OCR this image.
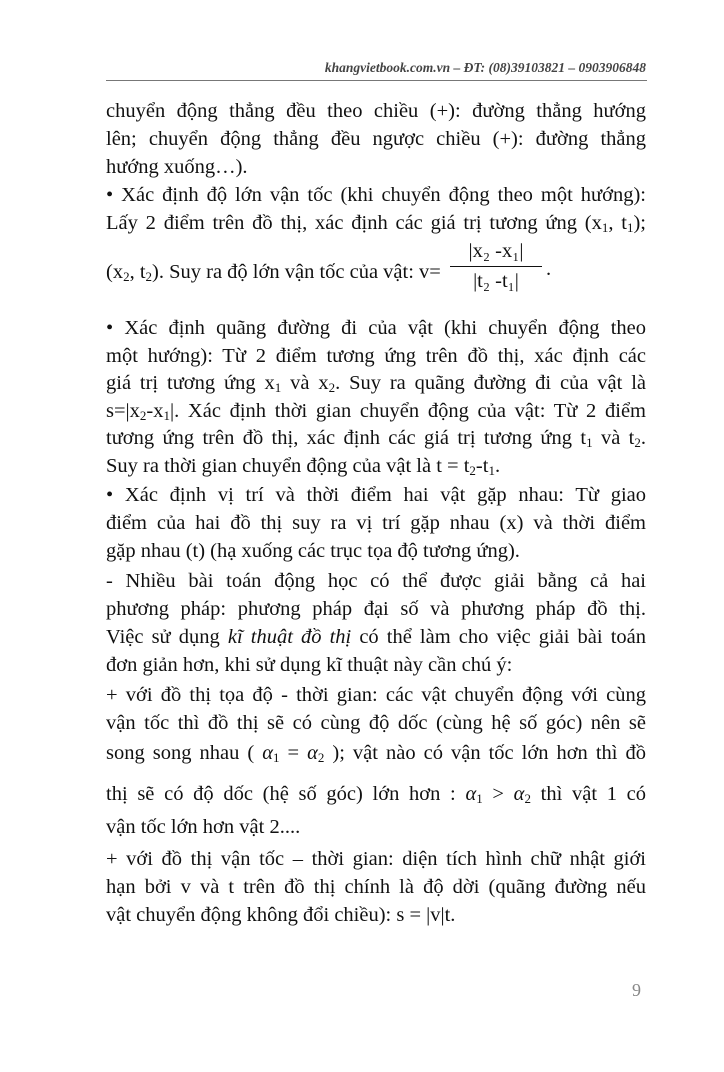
khangvietbook.com.vn – ĐT: (08)39103821 – 0903906848
chuyển động thẳng đều theo chiều (+): đường thẳng hướng
lên; chuyển động thẳng đều ngược chiều (+): đường thẳng
hướng xuống…).
• Xác định độ lớn vận tốc (khi chuyển động theo một hướng):
Lấy 2 điểm trên đồ thị, xác định các giá trị tương ứng ($x_1$, $t_1$);
($x_2$, $t_2$). Suy ra độ lớn vận tốc của vật: v=
• Xác định quãng đường đi của vật (khi chuyển động theo
một hướng): Từ 2 điểm tương ứng trên đồ thị, xác định các
giá trị tương ứng $x_1$ và $x_2$. Suy ra quãng đường đi của vật là
$s=|x_2-x_1|$. Xác định thời gian chuyển động của vật: Từ 2 điểm
tương ứng trên đồ thị, xác định các giá trị tương ứng $t_1$ và $t_2$.
Suy ra thời gian chuyển động của vật là $t = t_2-t_1$.
• Xác định vị trí và thời điểm hai vật gặp nhau: Từ giao
điểm của hai đồ thị suy ra vị trí gặp nhau (x) và thời điểm
gặp nhau (t) (hạ xuống các trục tọa độ tương ứng).
- Nhiều bài toán động học có thể được giải bằng cả hai
phương pháp: phương pháp đại số và phương pháp đồ thị.
Việc sử dụng kĩ thuật đồ thị có thể làm cho việc giải bài toán
đơn giản hơn, khi sử dụng kĩ thuật này cần chú ý:
+ với đồ thị tọa độ - thời gian: các vật chuyển động với cùng
vận tốc thì đồ thị sẽ có cùng độ dốc (cùng hệ số góc) nên sẽ
song song nhau ( $\alpha_1 = \alpha_2$ ); vật nào có vận tốc lớn hơn thì đồ
thị sẽ có độ dốc (hệ số góc) lớn hơn : $\alpha_1 > \alpha_2$ thì vật 1 có
vận tốc lớn hơn vật 2....
+ với đồ thị vận tốc – thời gian: diện tích hình chữ nhật giới
hạn bởi v và t trên đồ thị chính là độ dời (quãng đường nếu
vật chuyển động không đổi chiều): s = |v|t.
$\frac{\text{|x₂ -x₁|}}{\text{|t₂ -t₁|}}$ .
9
